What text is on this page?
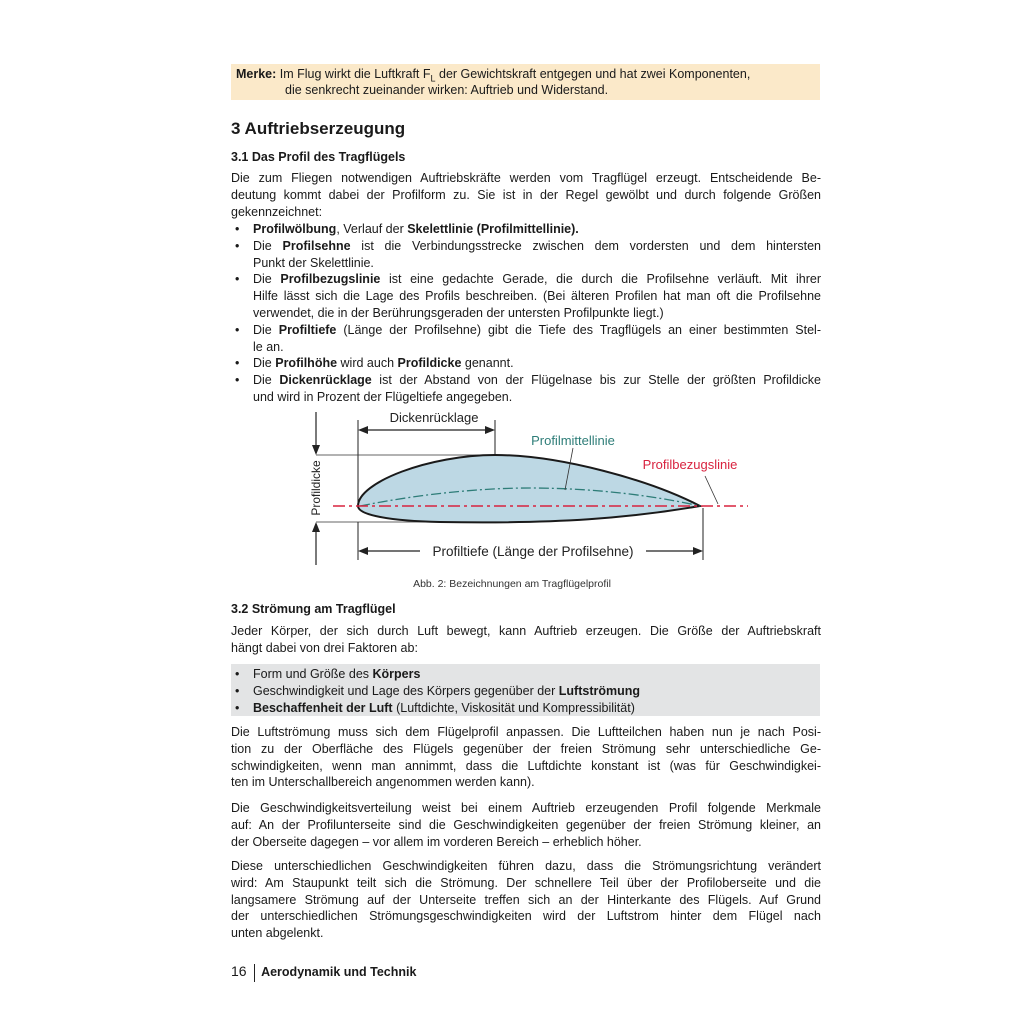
Merke: Im Flug wirkt die Luftkraft $F_L$ der Gewichtskraft entgegen und hat zwei Komponenten,
die senkrecht zueinander wirken: Auftrieb und Widerstand.
3 Auftriebserzeugung
3.1 Das Profil des Tragflügels
Die zum Fliegen notwendigen Auftriebskräfte werden vom Tragflügel erzeugt. Entscheidende Be-
deutung kommt dabei der Profilform zu. Sie ist in der Regel gewölbt und durch folgende Größen
gekennzeichnet:
• Profilwölbung, Verlauf der Skelettlinie (Profilmittellinie).
• Die Profilsehne ist die Verbindungsstrecke zwischen dem vordersten und dem hintersten
Punkt der Skelettlinie.
• Die Profilbezugslinie ist eine gedachte Gerade, die durch die Profilsehne verläuft. Mit ihrer
Hilfe lässt sich die Lage des Profils beschreiben. (Bei älteren Profilen hat man oft die Profilsehne
verwendet, die in der Berührungsgeraden der untersten Profilpunkte liegt.)
• Die Profiltiefe (Länge der Profilsehne) gibt die Tiefe des Tragflügels an einer bestimmten Stel-
le an.
• Die Profilhöhe wird auch Profildicke genannt.
• Die Dickenrücklage ist der Abstand von der Flügelnase bis zur Stelle der größten Profildicke
und wird in Prozent der Flügeltiefe angegeben.
Dickenrücklage
Profildicke
Profilmittellinie
Profilbezugslinie
Profiltiefe (Länge der Profilsehne)
Abb. 2: Bezeichnungen am Tragflügelprofil
3.2 Strömung am Tragflügel
Jeder Körper, der sich durch Luft bewegt, kann Auftrieb erzeugen. Die Größe der Auftriebskraft
hängt dabei von drei Faktoren ab:
• Form und Größe des Körpers
• Geschwindigkeit und Lage des Körpers gegenüber der Luftströmung
• Beschaffenheit der Luft (Luftdichte, Viskosität und Kompressibilität)
Die Luftströmung muss sich dem Flügelprofil anpassen. Die Luftteilchen haben nun je nach Posi-
tion zu der Oberfläche des Flügels gegenüber der freien Strömung sehr unterschiedliche Ge-
schwindigkeiten, wenn man annimmt, dass die Luftdichte konstant ist (was für Geschwindigkei-
ten im Unterschallbereich angenommen werden kann).
Die Geschwindigkeitsverteilung weist bei einem Auftrieb erzeugenden Profil folgende Merkmale
auf: An der Profilunterseite sind die Geschwindigkeiten gegenüber der freien Strömung kleiner, an
der Oberseite dagegen – vor allem im vorderen Bereich – erheblich höher.
Diese unterschiedlichen Geschwindigkeiten führen dazu, dass die Strömungsrichtung verändert
wird: Am Staupunkt teilt sich die Strömung. Der schnellere Teil über der Profiloberseite und die
langsamere Strömung auf der Unterseite treffen sich an der Hinterkante des Flügels. Auf Grund
der unterschiedlichen Strömungsgeschwindigkeiten wird der Luftstrom hinter dem Flügel nach
unten abgelenkt.
16 Aerodynamik und Technik
